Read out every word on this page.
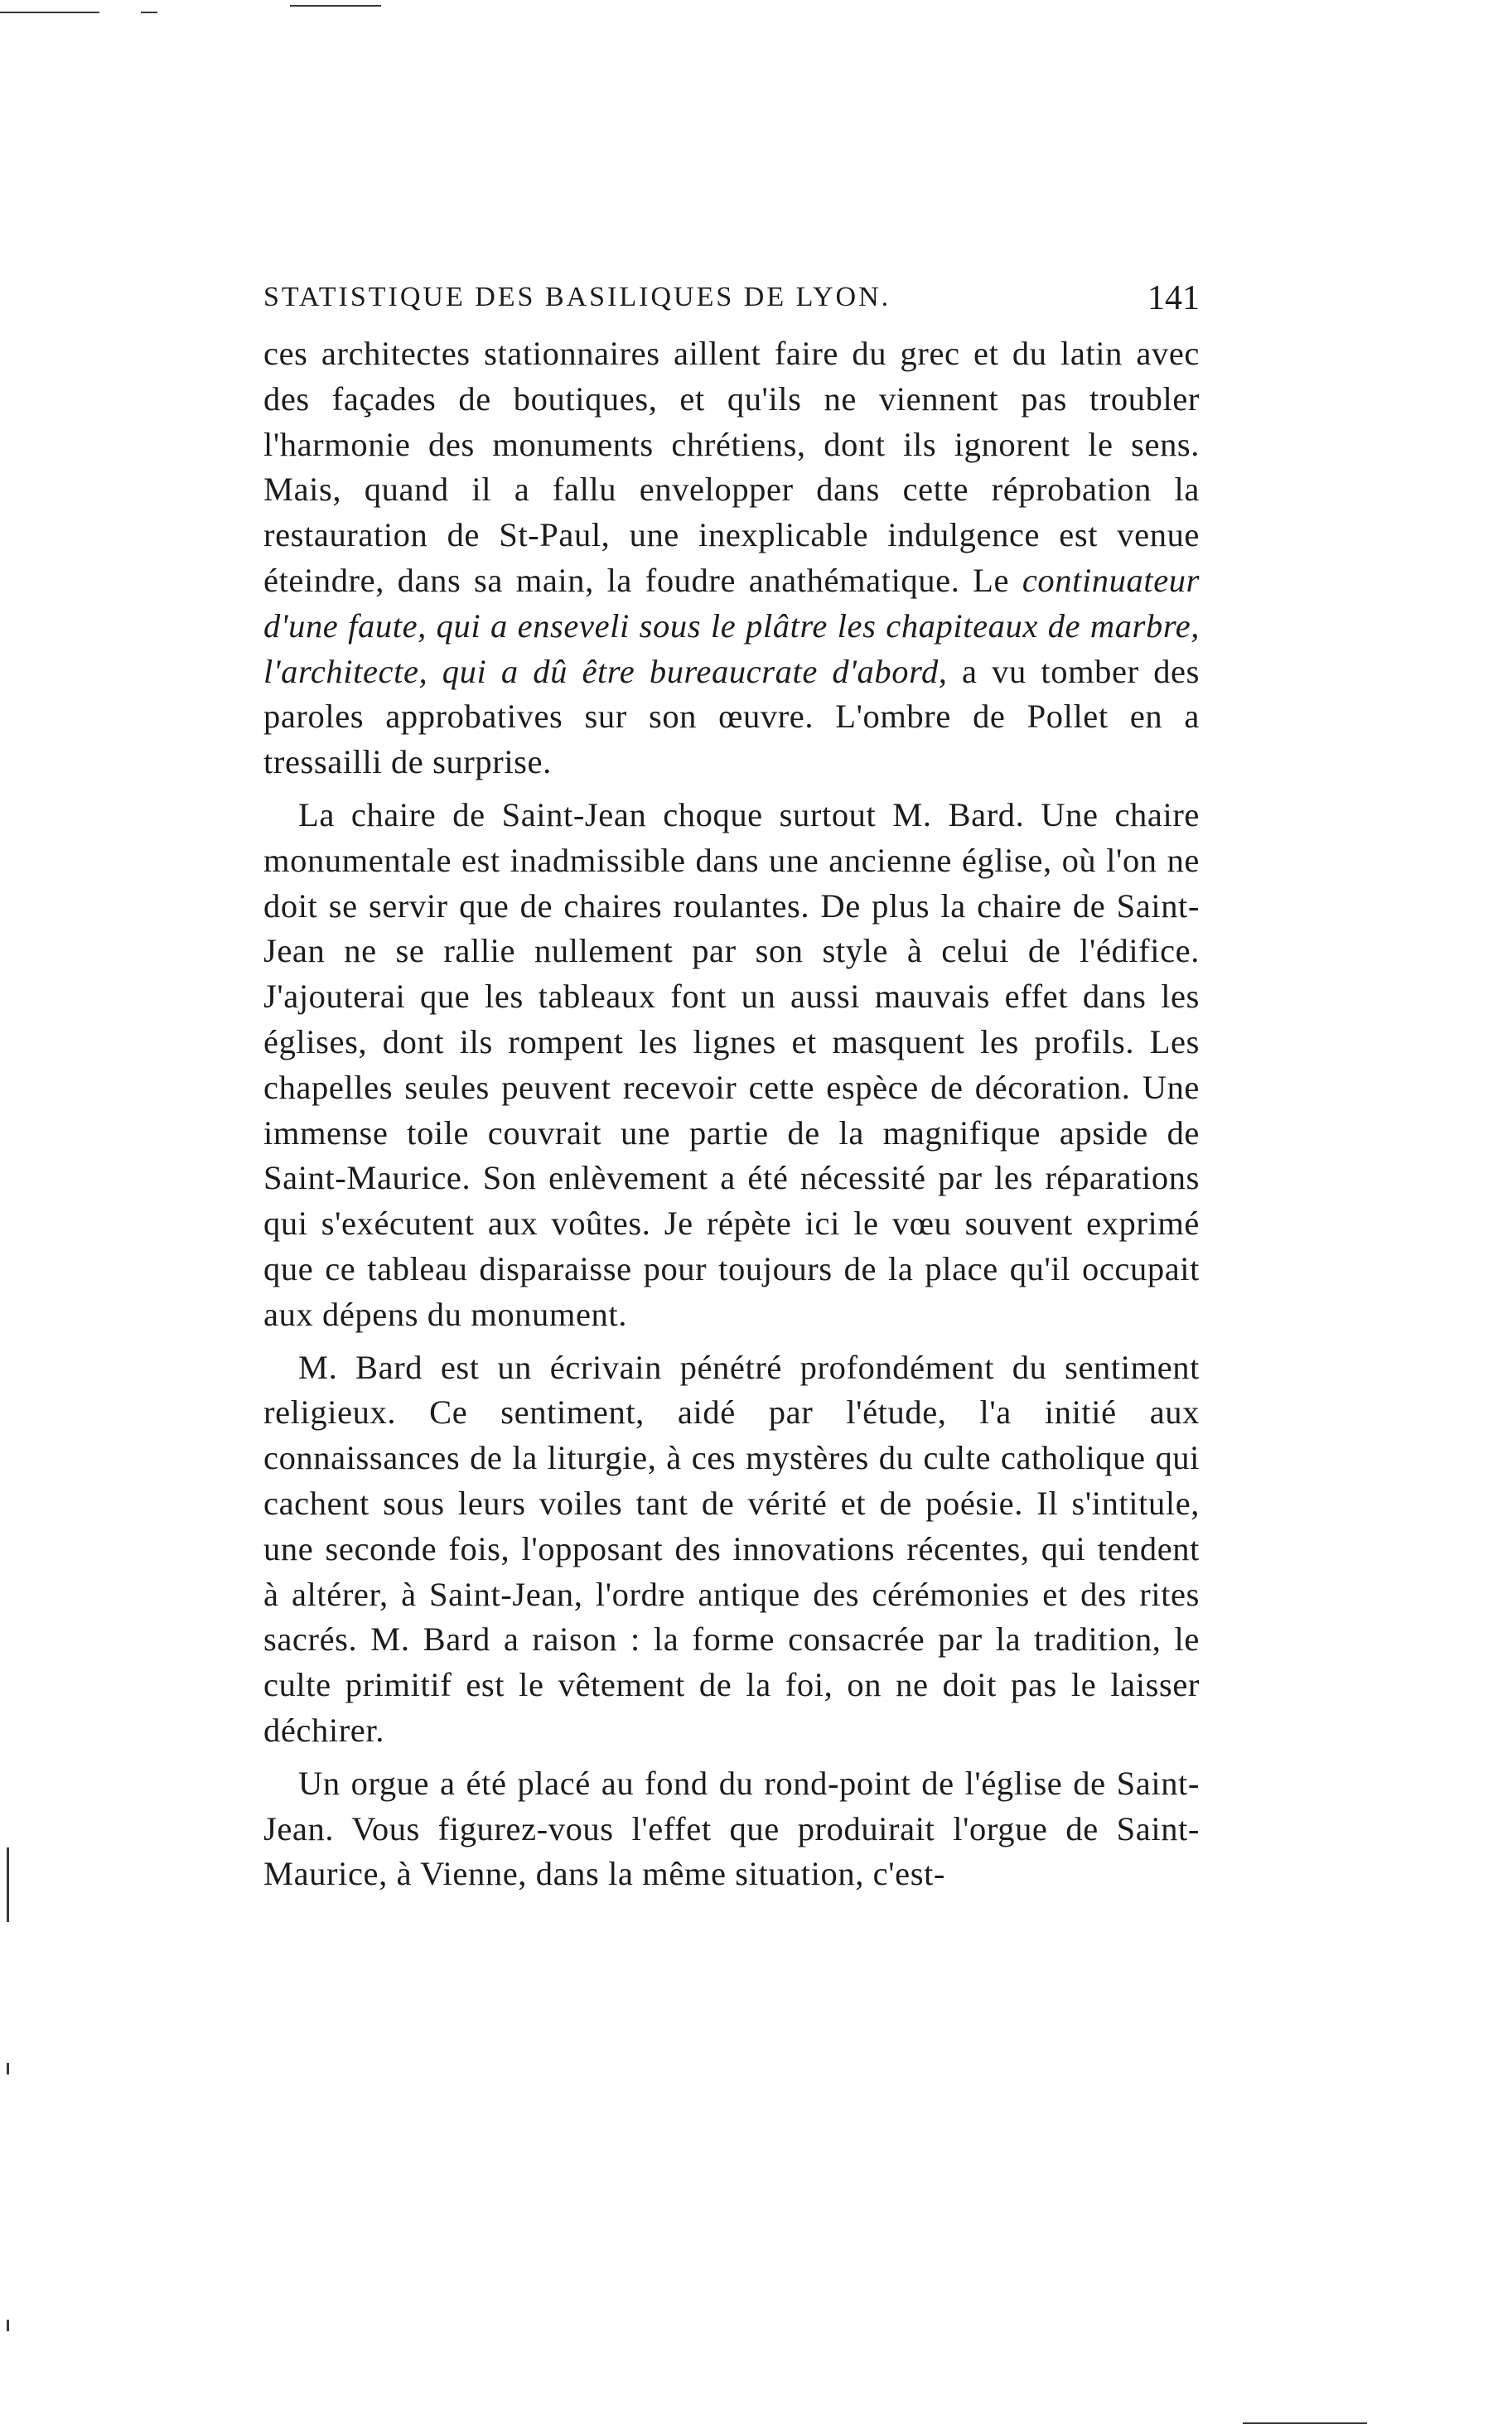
STATISTIQUE DES BASILIQUES DE LYON.	141

ces architectes stationnaires aillent faire du grec et du latin avec des façades de boutiques, et qu'ils ne viennent pas troubler l'harmonie des monuments chrétiens, dont ils ignorent le sens. Mais, quand il a fallu envelopper dans cette réprobation la restauration de St-Paul, une inexplicable indulgence est venue éteindre, dans sa main, la foudre anathématique. Le continuateur d'une faute, qui a enseveli sous le plâtre les chapiteaux de marbre, l'architecte, qui a dû être bureaucrate d'abord, a vu tomber des paroles approbatives sur son œuvre. L'ombre de Pollet en a tressailli de surprise.

La chaire de Saint-Jean choque surtout M. Bard. Une chaire monumentale est inadmissible dans une ancienne église, où l'on ne doit se servir que de chaires roulantes. De plus la chaire de Saint-Jean ne se rallie nullement par son style à celui de l'édifice. J'ajouterai que les tableaux font un aussi mauvais effet dans les églises, dont ils rompent les lignes et masquent les profils. Les chapelles seules peuvent recevoir cette espèce de décoration. Une immense toile couvrait une partie de la magnifique apside de Saint-Maurice. Son enlèvement a été nécessité par les réparations qui s'exécutent aux voûtes. Je répète ici le vœu souvent exprimé que ce tableau disparaisse pour toujours de la place qu'il occupait aux dépens du monument.

M. Bard est un écrivain pénétré profondément du sentiment religieux. Ce sentiment, aidé par l'étude, l'a initié aux connaissances de la liturgie, à ces mystères du culte catholique qui cachent sous leurs voiles tant de vérité et de poésie. Il s'intitule, une seconde fois, l'opposant des innovations récentes, qui tendent à altérer, à Saint-Jean, l'ordre antique des cérémonies et des rites sacrés. M. Bard a raison : la forme consacrée par la tradition, le culte primitif est le vêtement de la foi, on ne doit pas le laisser déchirer.

Un orgue a été placé au fond du rond-point de l'église de Saint-Jean. Vous figurez-vous l'effet que produirait l'orgue de Saint-Maurice, à Vienne, dans la même situation, c'est-
